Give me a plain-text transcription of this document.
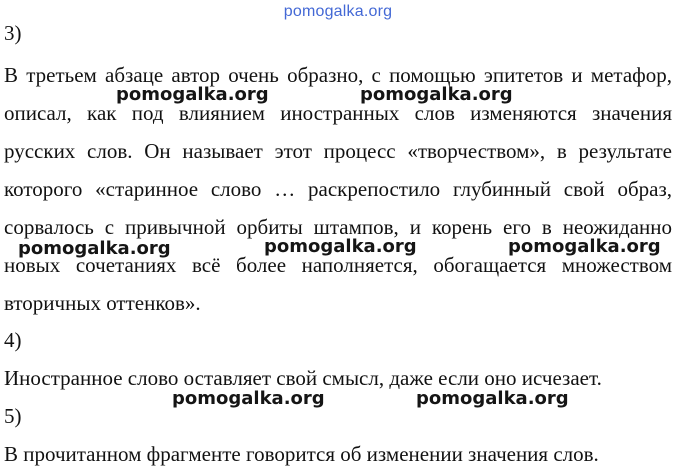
pomogalka.org
3)
В третьем абзаце автор очень образно, с помощью эпитетов и метафор,
описал, как под влиянием иностранных слов изменяются значения
русских слов. Он называет этот процесс «творчеством», в результате
которого «старинное слово … раскрепостило глубинный свой образ,
сорвалось с привычной орбиты штампов, и корень его в неожиданно
новых сочетаниях всё более наполняется, обогащается множеством
вторичных оттенков».
4)
Иностранное слово оставляет свой смысл, даже если оно исчезает.
5)
В прочитанном фрагменте говорится об изменении значения слов.
pomogalka.org	pomogalka.org
pomogalka.org	pomogalka.org	pomogalka.org
pomogalka.org	pomogalka.org
